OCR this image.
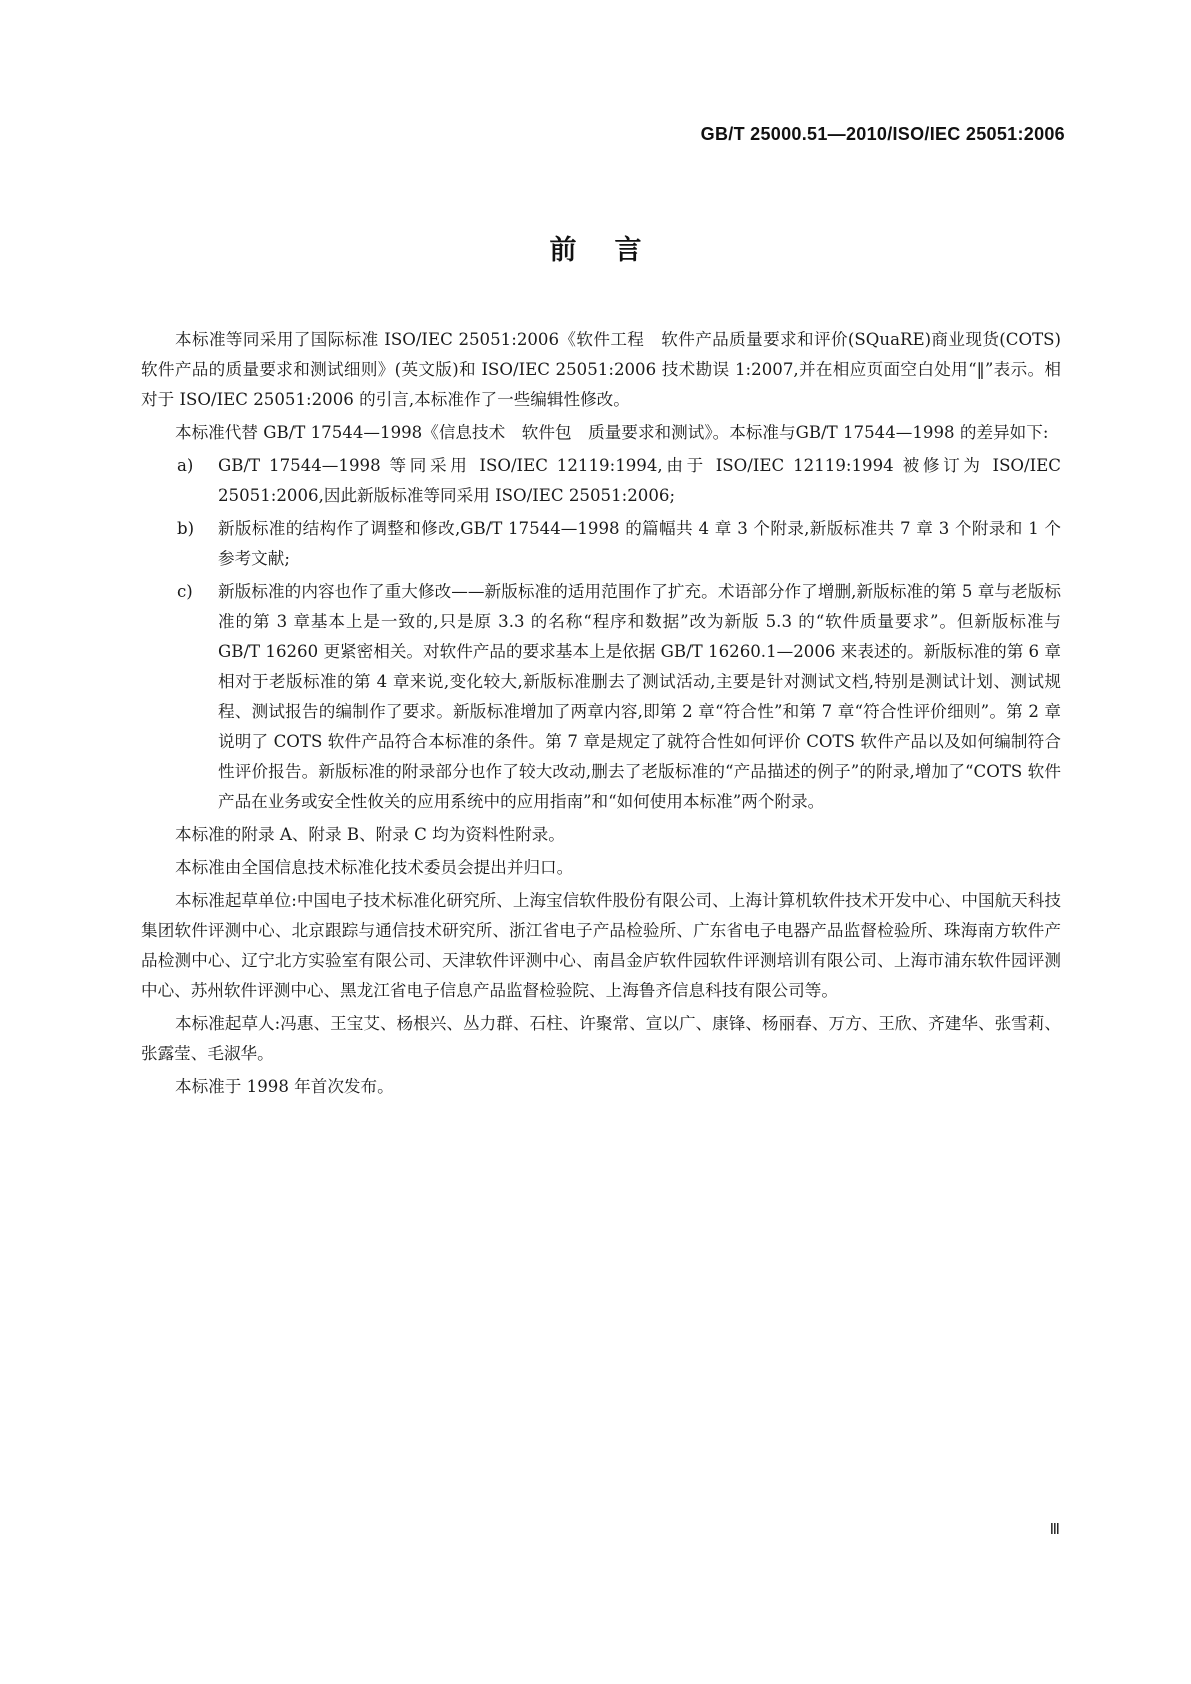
GB/T 25000.51—2010/ISO/IEC 25051:2006
前言

本标准等同采用了国际标准 ISO/IEC 25051:2006《软件工程　软件产品质量要求和评价(SQuaRE)商业现货(COTS)软件产品的质量要求和测试细则》(英文版)和 ISO/IEC 25051:2006 技术勘误 1:2007,并在相应页面空白处用“‖”表示。相对于 ISO/IEC 25051:2006 的引言,本标准作了一些编辑性修改。

本标准代替 GB/T 17544—1998《信息技术　软件包　质量要求和测试》。本标准与GB/T 17544—1998 的差异如下:

a) GB/T 17544—1998 等同采用 ISO/IEC 12119:1994,由于 ISO/IEC 12119:1994 被修订为 ISO/IEC 25051:2006,因此新版标准等同采用 ISO/IEC 25051:2006;
b) 新版标准的结构作了调整和修改,GB/T 17544—1998 的篇幅共 4 章 3 个附录,新版标准共 7 章 3 个附录和 1 个参考文献;
c) 新版标准的内容也作了重大修改——新版标准的适用范围作了扩充。术语部分作了增删,新版标准的第 5 章与老版标准的第 3 章基本上是一致的,只是原 3.3 的名称“程序和数据”改为新版 5.3 的“软件质量要求”。但新版标准与 GB/T 16260 更紧密相关。对软件产品的要求基本上是依据 GB/T 16260.1—2006 来表述的。新版标准的第 6 章相对于老版标准的第 4 章来说,变化较大,新版标准删去了测试活动,主要是针对测试文档,特别是测试计划、测试规程、测试报告的编制作了要求。新版标准增加了两章内容,即第 2 章“符合性”和第 7 章“符合性评价细则”。第 2 章说明了 COTS 软件产品符合本标准的条件。第 7 章是规定了就符合性如何评价 COTS 软件产品以及如何编制符合性评价报告。新版标准的附录部分也作了较大改动,删去了老版标准的“产品描述的例子”的附录,增加了“COTS 软件产品在业务或安全性攸关的应用系统中的应用指南”和“如何使用本标准”两个附录。

本标准的附录 A、附录 B、附录 C 均为资料性附录。

本标准由全国信息技术标准化技术委员会提出并归口。

本标准起草单位:中国电子技术标准化研究所、上海宝信软件股份有限公司、上海计算机软件技术开发中心、中国航天科技集团软件评测中心、北京跟踪与通信技术研究所、浙江省电子产品检验所、广东省电子电器产品监督检验所、珠海南方软件产品检测中心、辽宁北方实验室有限公司、天津软件评测中心、南昌金庐软件园软件评测培训有限公司、上海市浦东软件园评测中心、苏州软件评测中心、黑龙江省电子信息产品监督检验院、上海鲁齐信息科技有限公司等。

本标准起草人:冯惠、王宝艾、杨根兴、丛力群、石柱、许聚常、宣以广、康锋、杨丽春、万方、王欣、齐建华、张雪莉、张露莹、毛淑华。

本标准于 1998 年首次发布。

Ⅲ
